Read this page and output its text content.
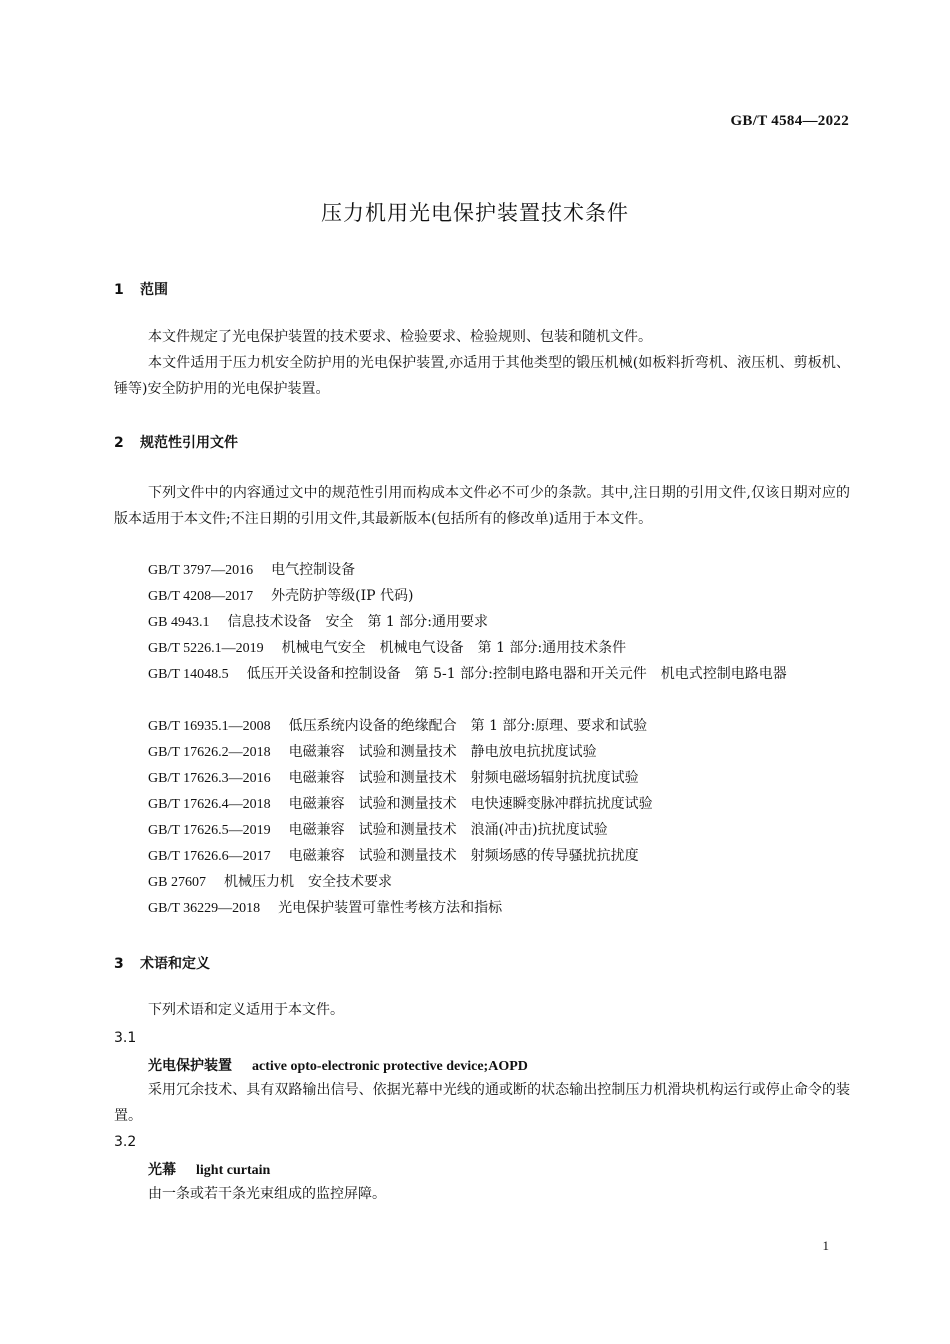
GB/T 4584—2022
压力机用光电保护装置技术条件
1 范围
本文件规定了光电保护装置的技术要求、检验要求、检验规则、包装和随机文件。
本文件适用于压力机安全防护用的光电保护装置,亦适用于其他类型的锻压机械(如板料折弯机、液压机、剪板机、锤等)安全防护用的光电保护装置。
2 规范性引用文件
下列文件中的内容通过文中的规范性引用而构成本文件必不可少的条款。其中,注日期的引用文件,仅该日期对应的版本适用于本文件;不注日期的引用文件,其最新版本(包括所有的修改单)适用于本文件。
GB/T 3797—2016 电气控制设备
GB/T 4208—2017 外壳防护等级(IP 代码)
GB 4943.1 信息技术设备　安全　第 1 部分:通用要求
GB/T 5226.1—2019 机械电气安全　机械电气设备　第 1 部分:通用技术条件
GB/T 14048.5 低压开关设备和控制设备　第 5-1 部分:控制电路电器和开关元件　机电式控制电路电器
GB/T 16935.1—2008 低压系统内设备的绝缘配合　第 1 部分:原理、要求和试验
GB/T 17626.2—2018 电磁兼容　试验和测量技术　静电放电抗扰度试验
GB/T 17626.3—2016 电磁兼容　试验和测量技术　射频电磁场辐射抗扰度试验
GB/T 17626.4—2018 电磁兼容　试验和测量技术　电快速瞬变脉冲群抗扰度试验
GB/T 17626.5—2019 电磁兼容　试验和测量技术　浪涌(冲击)抗扰度试验
GB/T 17626.6—2017 电磁兼容　试验和测量技术　射频场感的传导骚扰抗扰度
GB 27607 机械压力机　安全技术要求
GB/T 36229—2018 光电保护装置可靠性考核方法和指标
3 术语和定义
下列术语和定义适用于本文件。
3.1
光电保护装置 active opto-electronic protective device;AOPD
采用冗余技术、具有双路输出信号、依据光幕中光线的通或断的状态输出控制压力机滑块机构运行或停止命令的装置。
3.2
光幕 light curtain
由一条或若干条光束组成的监控屏障。
1
